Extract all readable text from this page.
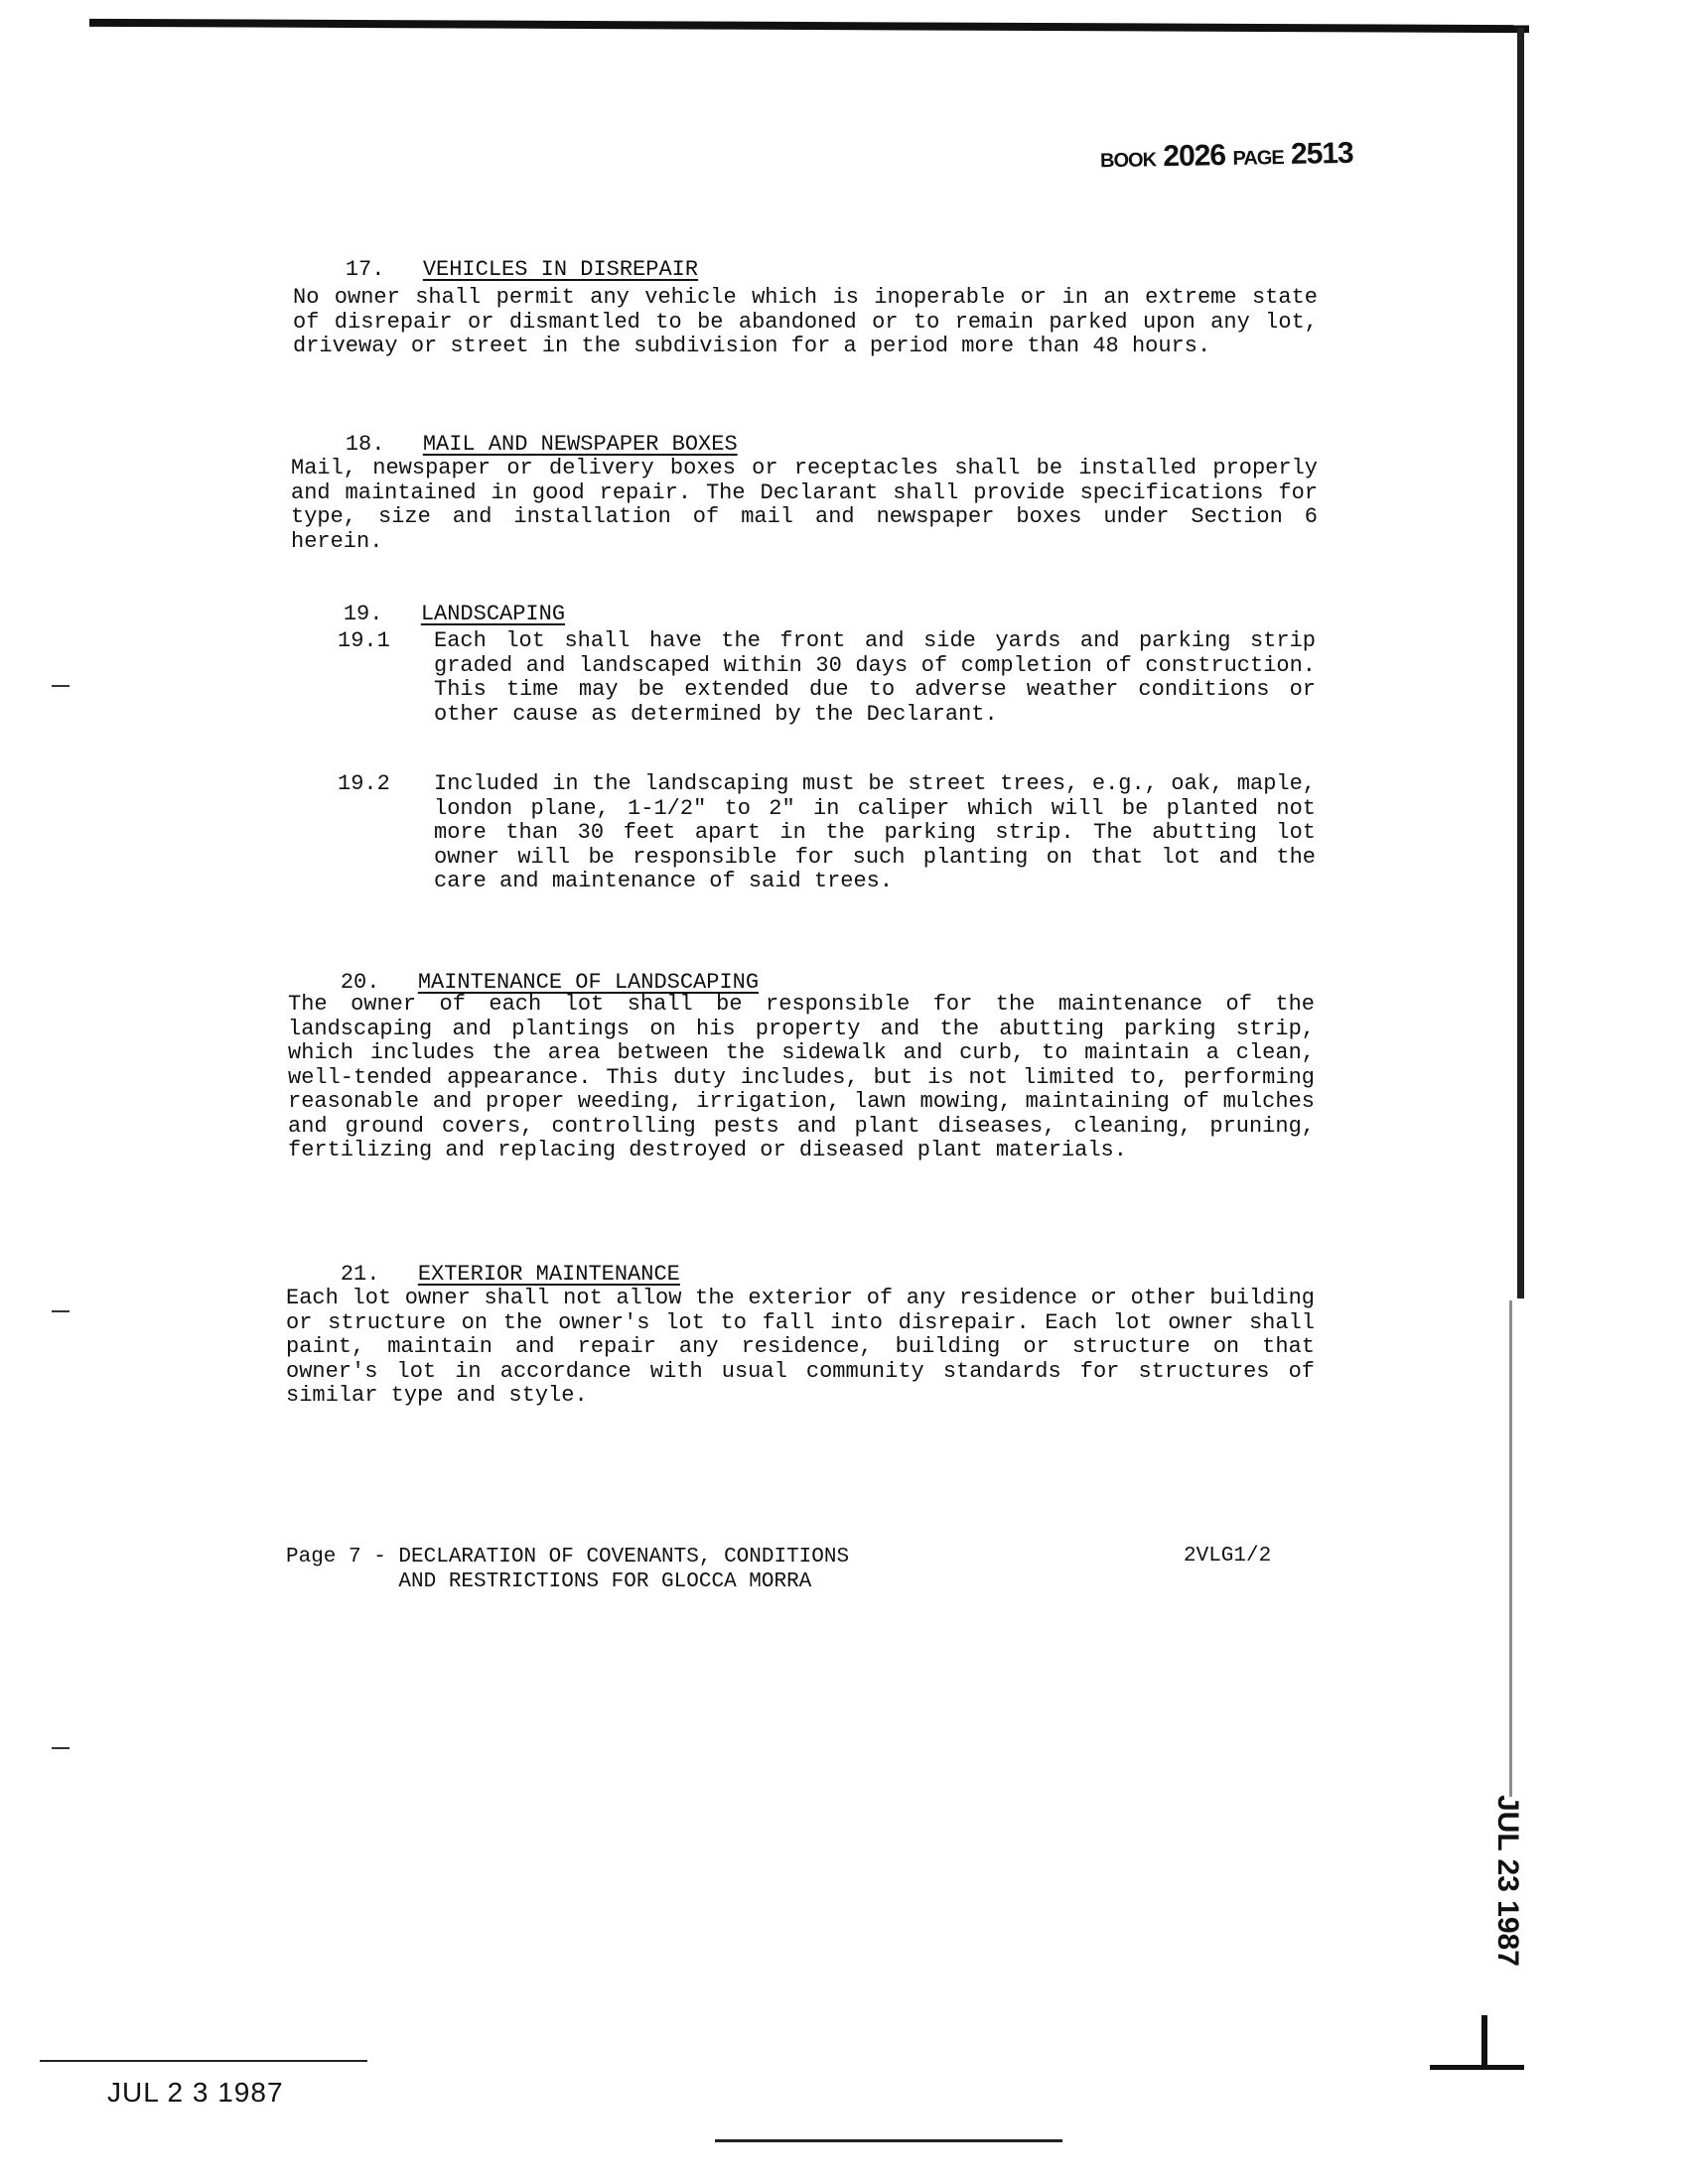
BOOK 2026 PAGE 2513

17. VEHICLES IN DISREPAIR

No owner shall permit any vehicle which is inoperable or in an extreme state of disrepair or dismantled to be abandoned or to remain parked upon any lot, driveway or street in the subdivision for a period more than 48 hours.

18. MAIL AND NEWSPAPER BOXES

Mail, newspaper or delivery boxes or receptacles shall be installed properly and maintained in good repair. The Declarant shall provide specifications for type, size and installation of mail and newspaper boxes under Section 6 herein.

19. LANDSCAPING

19.1 Each lot shall have the front and side yards and parking strip graded and landscaped within 30 days of completion of construction. This time may be extended due to adverse weather conditions or other cause as determined by the Declarant.
19.2 Included in the landscaping must be street trees, e.g., oak, maple, london plane, 1-1/2" to 2" in caliper which will be planted not more than 30 feet apart in the parking strip. The abutting lot owner will be responsible for such planting on that lot and the care and maintenance of said trees.

20. MAINTENANCE OF LANDSCAPING

The owner of each lot shall be responsible for the maintenance of the landscaping and plantings on his property and the abutting parking strip, which includes the area between the sidewalk and curb, to maintain a clean, well-tended appearance. This duty includes, but is not limited to, performing reasonable and proper weeding, irrigation, lawn mowing, maintaining of mulches and ground covers, controlling pests and plant diseases, cleaning, pruning, fertilizing and replacing destroyed or diseased plant materials.

21. EXTERIOR MAINTENANCE

Each lot owner shall not allow the exterior of any residence or other building or structure on the owner's lot to fall into disrepair. Each lot owner shall paint, maintain and repair any residence, building or structure on that owner's lot in accordance with usual community standards for structures of similar type and style.
Page 7 - DECLARATION OF COVENANTS, CONDITIONS
AND RESTRICTIONS FOR GLOCCA MORRA
2VLG1/2
JUL 2 3 1987
JUL 23 1987
